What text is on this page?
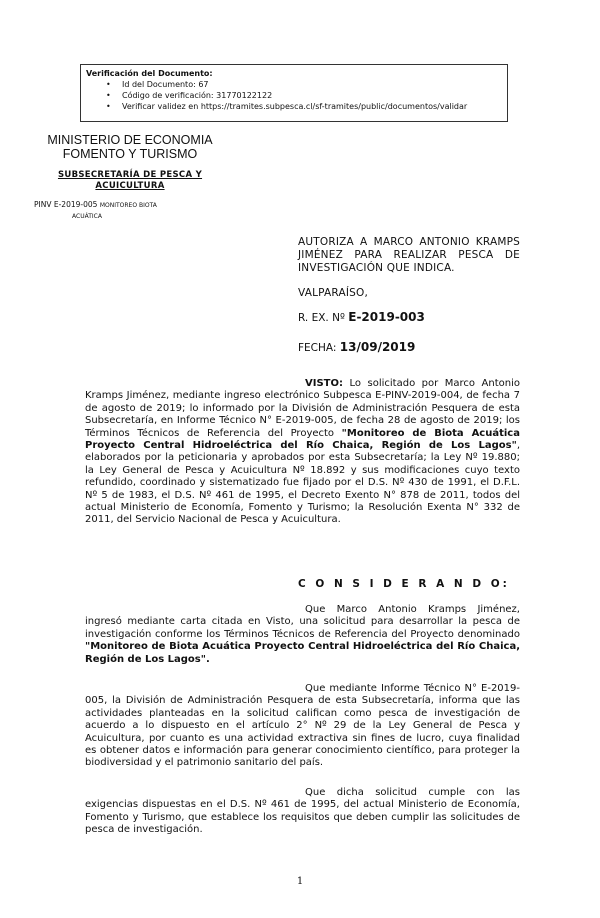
Verificación del Documento:
• Id del Documento: 67
• Código de verificación: 31770122122
• Verificar validez en https://tramites.subpesca.cl/sf-tramites/public/documentos/validar
MINISTERIO DE ECONOMIA
FOMENTO Y TURISMO
SUBSECRETARÍA DE PESCA Y
ACUICULTURA
PINV E-2019-005 MONITOREO BIOTA
ACUÁTICA
AUTORIZA A MARCO ANTONIO KRAMPS JIMÉNEZ PARA REALIZAR PESCA DE INVESTIGACIÓN QUE INDICA.
VALPARAÍSO,
R. EX. Nº E-2019-003
FECHA: 13/09/2019
VISTO: Lo solicitado por Marco Antonio Kramps Jiménez, mediante ingreso electrónico Subpesca E-PINV-2019-004, de fecha 7 de agosto de 2019; lo informado por la División de Administración Pesquera de esta Subsecretaría, en Informe Técnico N° E-2019-005, de fecha 28 de agosto de 2019; los Términos Técnicos de Referencia del Proyecto "Monitoreo de Biota Acuática Proyecto Central Hidroeléctrica del Río Chaica, Región de Los Lagos", elaborados por la peticionaria y aprobados por esta Subsecretaría; la Ley Nº 19.880; la Ley General de Pesca y Acuicultura Nº 18.892 y sus modificaciones cuyo texto refundido, coordinado y sistematizado fue fijado por el D.S. Nº 430 de 1991, el D.F.L. Nº 5 de 1983, el D.S. Nº 461 de 1995, el Decreto Exento N° 878 de 2011, todos del actual Ministerio de Economía, Fomento y Turismo; la Resolución Exenta N° 332 de 2011, del Servicio Nacional de Pesca y Acuicultura.
C O N S I D E R A N D O:
Que Marco Antonio Kramps Jiménez, ingresó mediante carta citada en Visto, una solicitud para desarrollar la pesca de investigación conforme los Términos Técnicos de Referencia del Proyecto denominado "Monitoreo de Biota Acuática Proyecto Central Hidroeléctrica del Río Chaica, Región de Los Lagos".
Que mediante Informe Técnico N° E-2019-005, la División de Administración Pesquera de esta Subsecretaría, informa que las actividades planteadas en la solicitud califican como pesca de investigación de acuerdo a lo dispuesto en el artículo 2° Nº 29 de la Ley General de Pesca y Acuicultura, por cuanto es una actividad extractiva sin fines de lucro, cuya finalidad es obtener datos e información para generar conocimiento científico, para proteger la biodiversidad y el patrimonio sanitario del país.
Que dicha solicitud cumple con las exigencias dispuestas en el D.S. Nº 461 de 1995, del actual Ministerio de Economía, Fomento y Turismo, que establece los requisitos que deben cumplir las solicitudes de pesca de investigación.
1
